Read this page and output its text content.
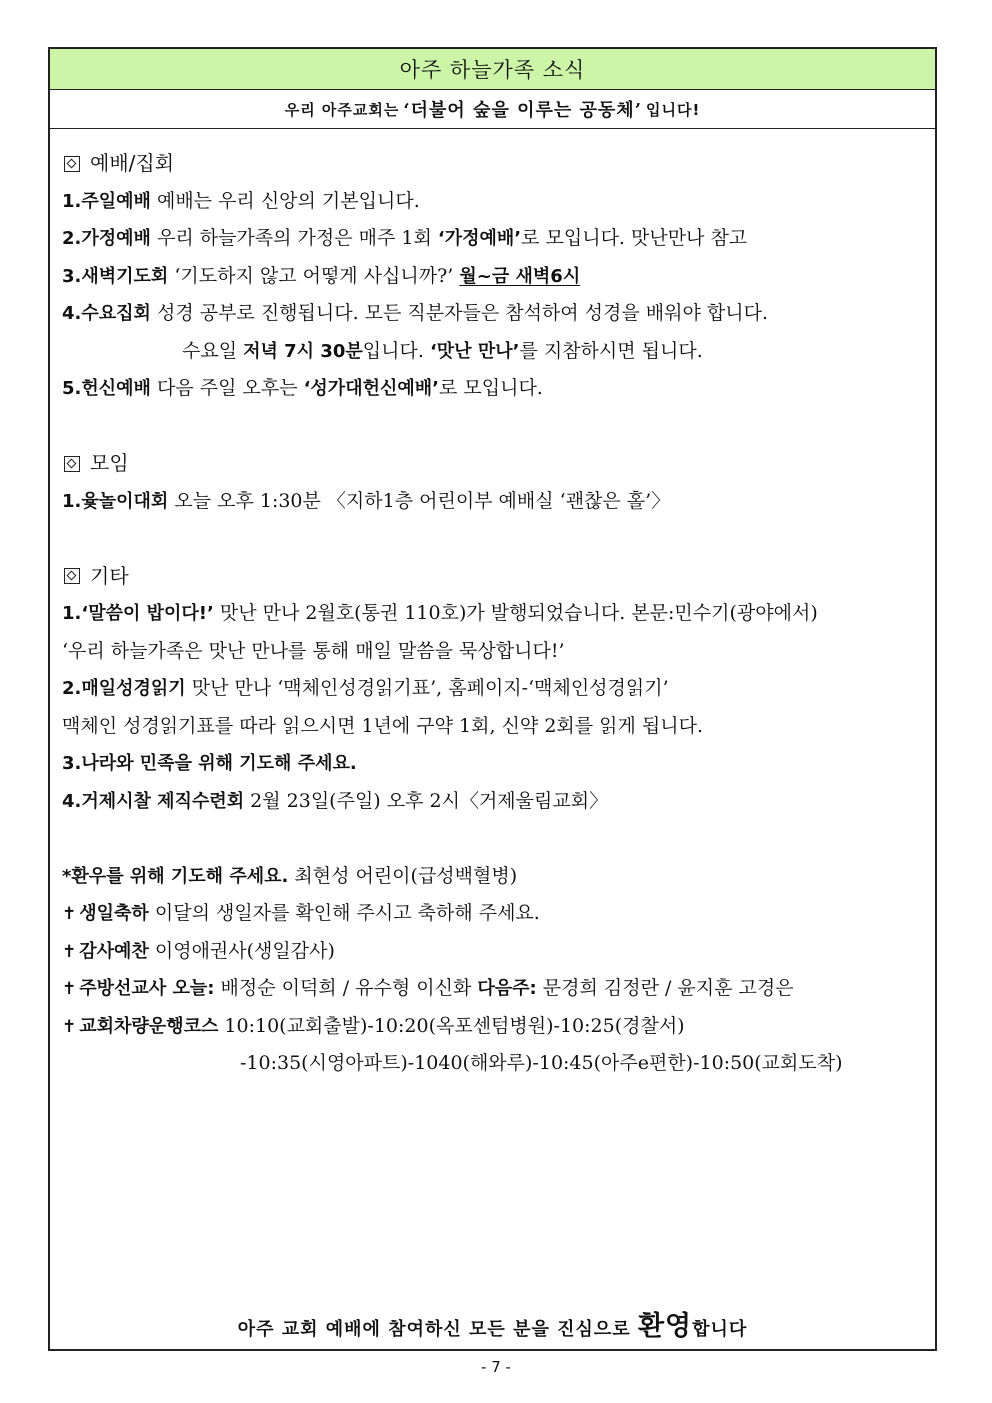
아주 하늘가족 소식
우리 아주교회는 ‘더불어 숲을 이루는 공동체’ 입니다!
예배/집회
1.주일예배 예배는 우리 신앙의 기본입니다.
2.가정예배 우리 하늘가족의 가정은 매주 1회 ‘가정예배’로 모입니다. 맛난만나 참고
3.새벽기도회 ‘기도하지 않고 어떻게 사십니까?’ 월~금 새벽6시
4.수요집회 성경 공부로 진행됩니다. 모든 직분자들은 참석하여 성경을 배워야 합니다.
수요일 저녁 7시 30분입니다. ‘맛난 만나’를 지참하시면 됩니다.
5.헌신예배 다음 주일 오후는 ‘성가대헌신예배’로 모입니다.
모임
1.윷놀이대회 오늘 오후 1:30분 〈지하1층 어린이부 예배실 ‘괜찮은 홀’〉
기타
1.‘말씀이 밥이다!’ 맛난 만나 2월호(통권 110호)가 발행되었습니다. 본문:민수기(광야에서)
‘우리 하늘가족은 맛난 만나를 통해 매일 말씀을 묵상합니다!’
2.매일성경읽기 맛난 만나 ‘맥체인성경읽기표’, 홈페이지-‘맥체인성경읽기’
맥체인 성경읽기표를 따라 읽으시면 1년에 구약 1회, 신약 2회를 읽게 됩니다.
3.나라와 민족을 위해 기도해 주세요.
4.거제시찰 제직수련회 2월 23일(주일) 오후 2시〈거제울림교회〉
*환우를 위해 기도해 주세요. 최현성 어린이(급성백혈병)
✝ 생일축하 이달의 생일자를 확인해 주시고 축하해 주세요.
✝ 감사예찬 이영애권사(생일감사)
✝ 주방선교사 오늘: 배정순 이덕희 / 유수형 이신화 다음주: 문경희 김정란 / 윤지훈 고경은
✝ 교회차량운행코스 10:10(교회출발)-10:20(옥포센텀병원)-10:25(경찰서)
-10:35(시영아파트)-1040(해와루)-10:45(아주e편한)-10:50(교회도착)
아주 교회 예배에 참여하신 모든 분을 진심으로 환영합니다
- 7 -
